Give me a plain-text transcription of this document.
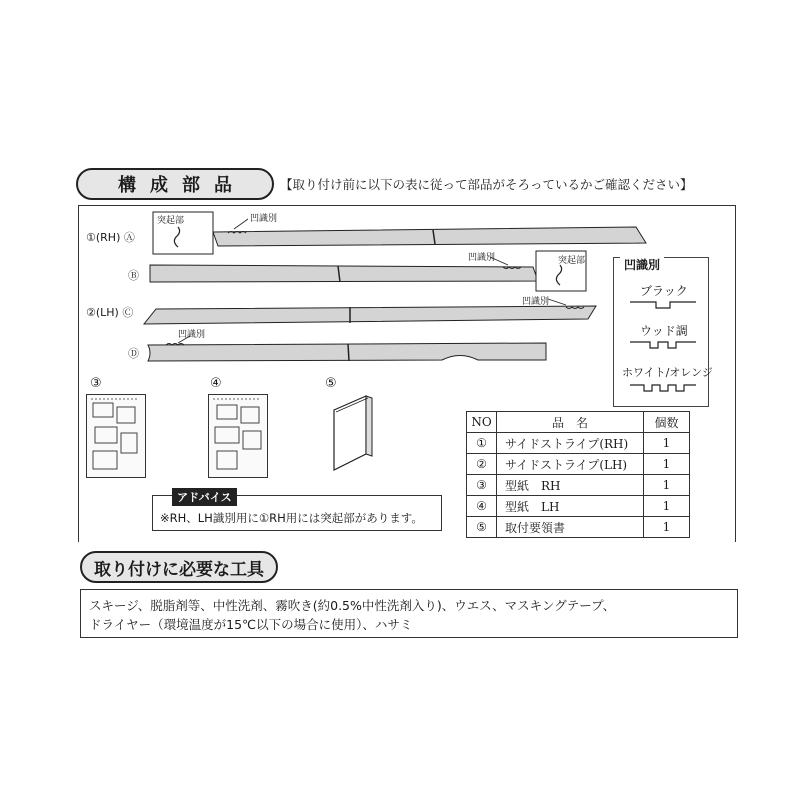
構成部品	【取り付け前に以下の表に従って部品がそろっているかご確認ください】
①(RH) Ⓐ
Ⓑ
②(LH) Ⓒ
Ⓓ
突起部	凹識別
突起部
凹識別
凹識別
凹識別
凹識別
ブラック
ウッド調
ホワイト/オレンジ
③	④	⑤
アドバイス
※RH、LH識別用に①RH用には突起部があります。
NO	品　名	個数
①	サイドストライプ(RH)	1
②	サイドストライプ(LH)	1
③	型紙　RH	1
④	型紙　LH	1
⑤	取付要領書	1
取り付けに必要な工具
スキージ、脱脂剤等、中性洗剤、霧吹き(約0.5%中性洗剤入り)、ウエス、マスキングテープ、
ドライヤー（環境温度が15℃以下の場合に使用）、ハサミ
